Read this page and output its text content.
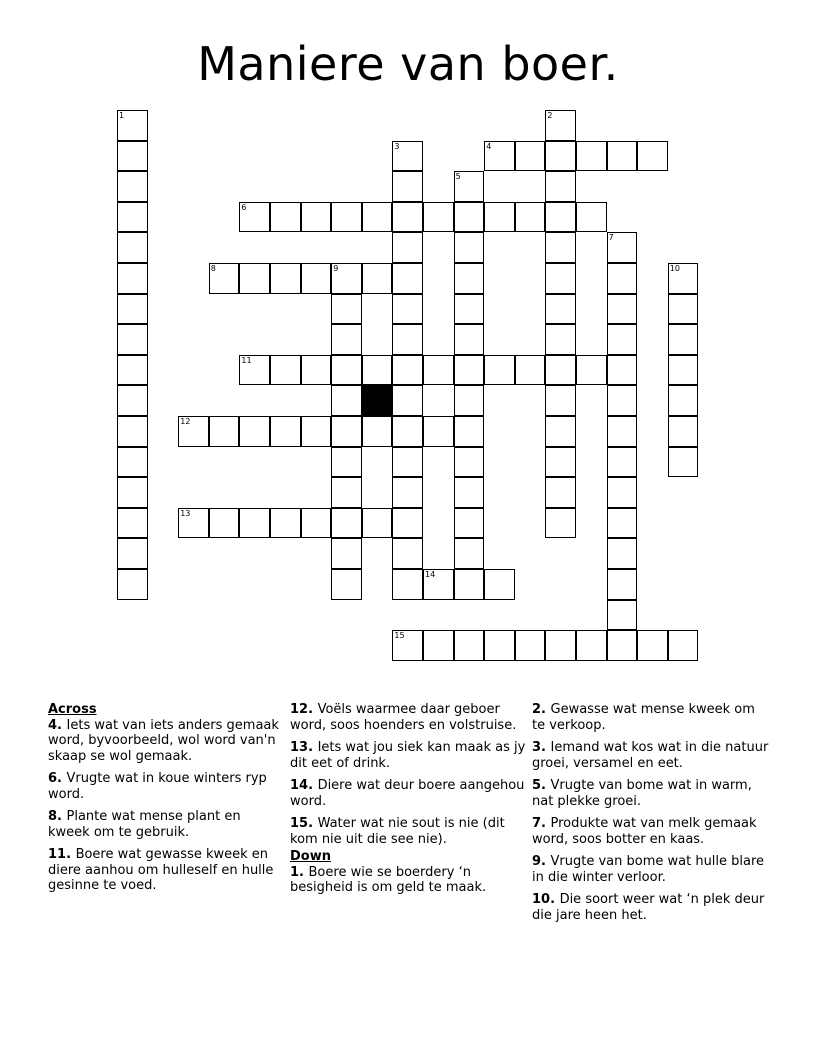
Maniere van boer.
1	2
3	4
5
6
7
8	9	10
11
12
13
14
15
Across
4. Iets wat van iets anders gemaak word, byvoorbeeld, wol word van'n skaap se wol gemaak.
6. Vrugte wat in koue winters ryp word.
8. Plante wat mense plant en kweek om te gebruik.
11. Boere wat gewasse kweek en diere aanhou om hulleself en hulle gesinne te voed.
12. Voëls waarmee daar geboer word, soos hoenders en volstruise.
13. Iets wat jou siek kan maak as jy dit eet of drink.
14. Diere wat deur boere aangehou word.
15. Water wat nie sout is nie (dit kom nie uit die see nie).
Down
1. Boere wie se boerdery ‘n besigheid is om geld te maak.
2. Gewasse wat mense kweek om te verkoop.
3. Iemand wat kos wat in die natuur groei, versamel en eet.
5. Vrugte van bome wat in warm, nat plekke groei.
7. Produkte wat van melk gemaak word, soos botter en kaas.
9. Vrugte van bome wat hulle blare in die winter verloor.
10. Die soort weer wat ‘n plek deur die jare heen het.
